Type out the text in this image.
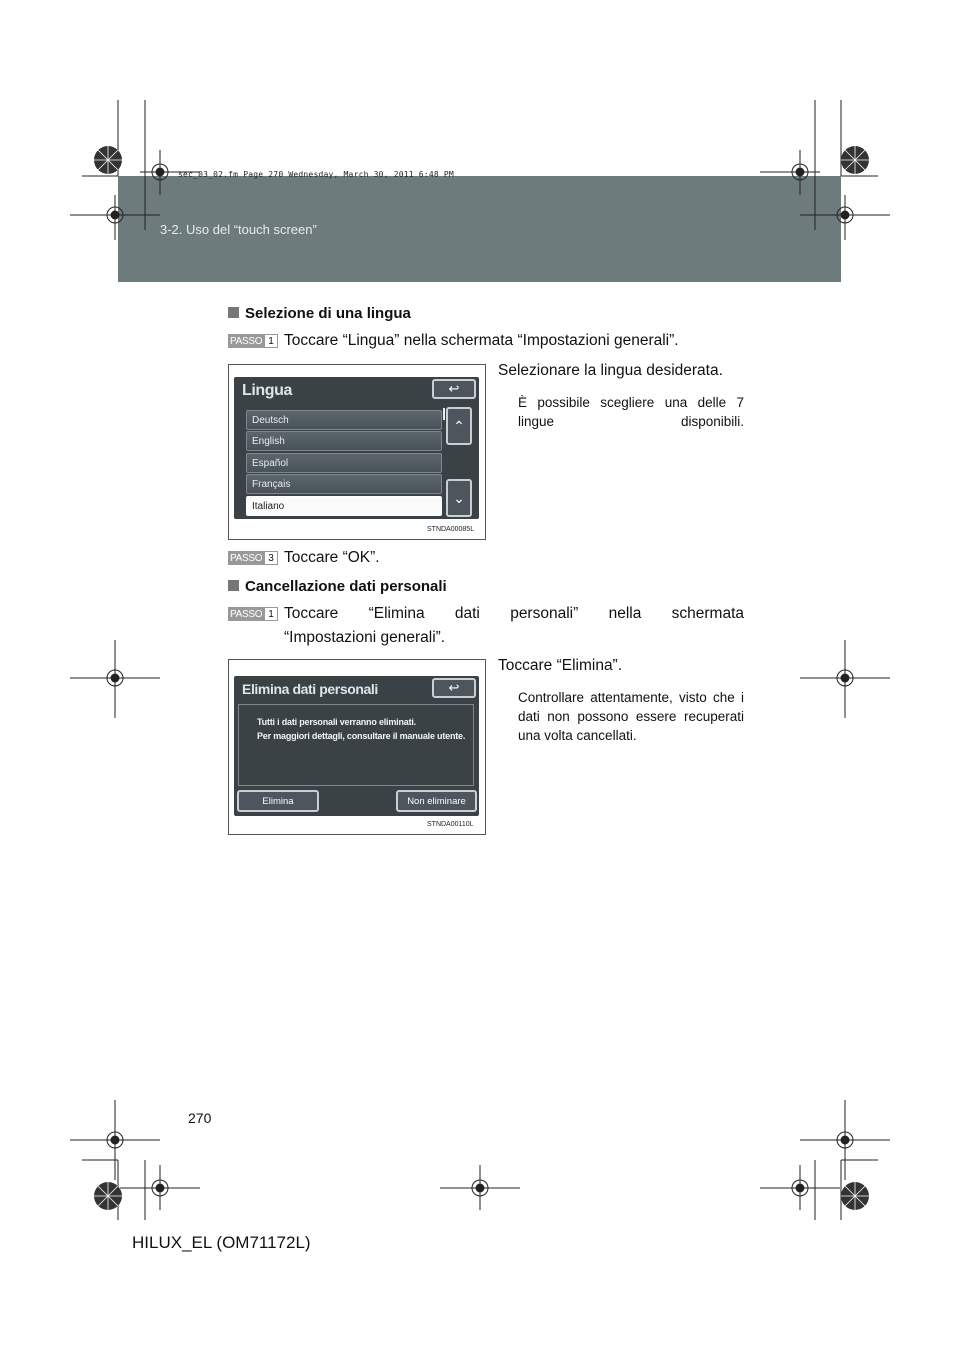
sec_03_02.fm Page 270 Wednesday, March 30, 2011 6:48 PM
3-2. Uso del “touch screen”
Selezione di una lingua
PASSO 1 Toccare “Lingua” nella schermata “Impostazioni generali”.
Lingua	↩
Deutsch
English
Español
Français
Italiano
⌃
⌄
STNDA00085L
Selezionare la lingua desiderata.
È possibile scegliere una delle 7 lingue disponibili.
PASSO 3 Toccare “OK”.
Cancellazione dati personali
PASSO 1 Toccare “Elimina dati personali” nella schermata
“Impostazioni generali”.
Elimina dati personali	↩
Tutti i dati personali verranno eliminati.
Per maggiori dettagli, consultare il manuale utente.
Elimina	Non eliminare
STNDA00110L
Toccare “Elimina”.
Controllare attentamente, visto che i dati non possono essere recuperati una volta cancellati.
270
HILUX_EL (OM71172L)
